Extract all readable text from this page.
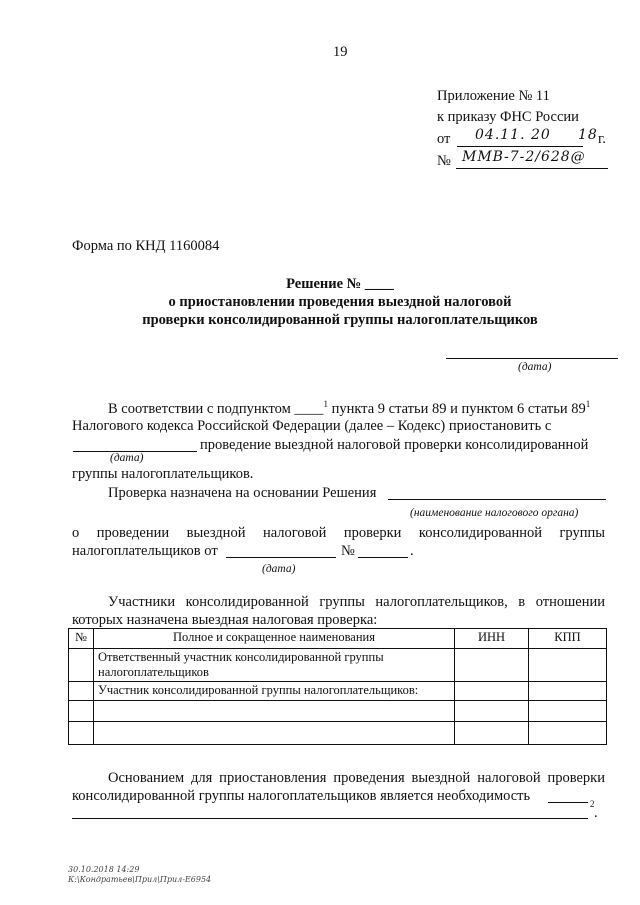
19
Приложение № 11
к приказу ФНС России
от 04.11. 20 18 г.
№ ММВ-7-2/628@
Форма по КНД 1160084
Решение № ____
о приостановлении проведения выездной налоговой
проверки консолидированной группы налогоплательщиков
(дата)
В соответствии с подпунктом ____$^1$ пункта 9 статьи 89 и пунктом 6 статьи $89^1$
Налогового кодекса Российской Федерации (далее – Кодекс) приостановить с
проведение выездной налоговой проверки консолидированной
(дата)
группы налогоплательщиков.
Проверка назначена на основании Решения
(наименование налогового органа)
о проведении выездной налоговой проверки консолидированной группы
налогоплательщиков от	№	.
(дата)
Участники консолидированной группы налогоплательщиков, в отношении
которых назначена выездная налоговая проверка:
№	Полное и сокращенное наименования	ИНН	КПП
	Ответственный участник консолидированной группы налогоплательщиков		
	Участник консолидированной группы налогоплательщиков:		

Основанием для приостановления проведения выездной налоговой проверки
консолидированной группы налогоплательщиков является необходимость	2
.
30.10.2018 14:29
К:\Кондратьев\Прил\Прил-Е6954
